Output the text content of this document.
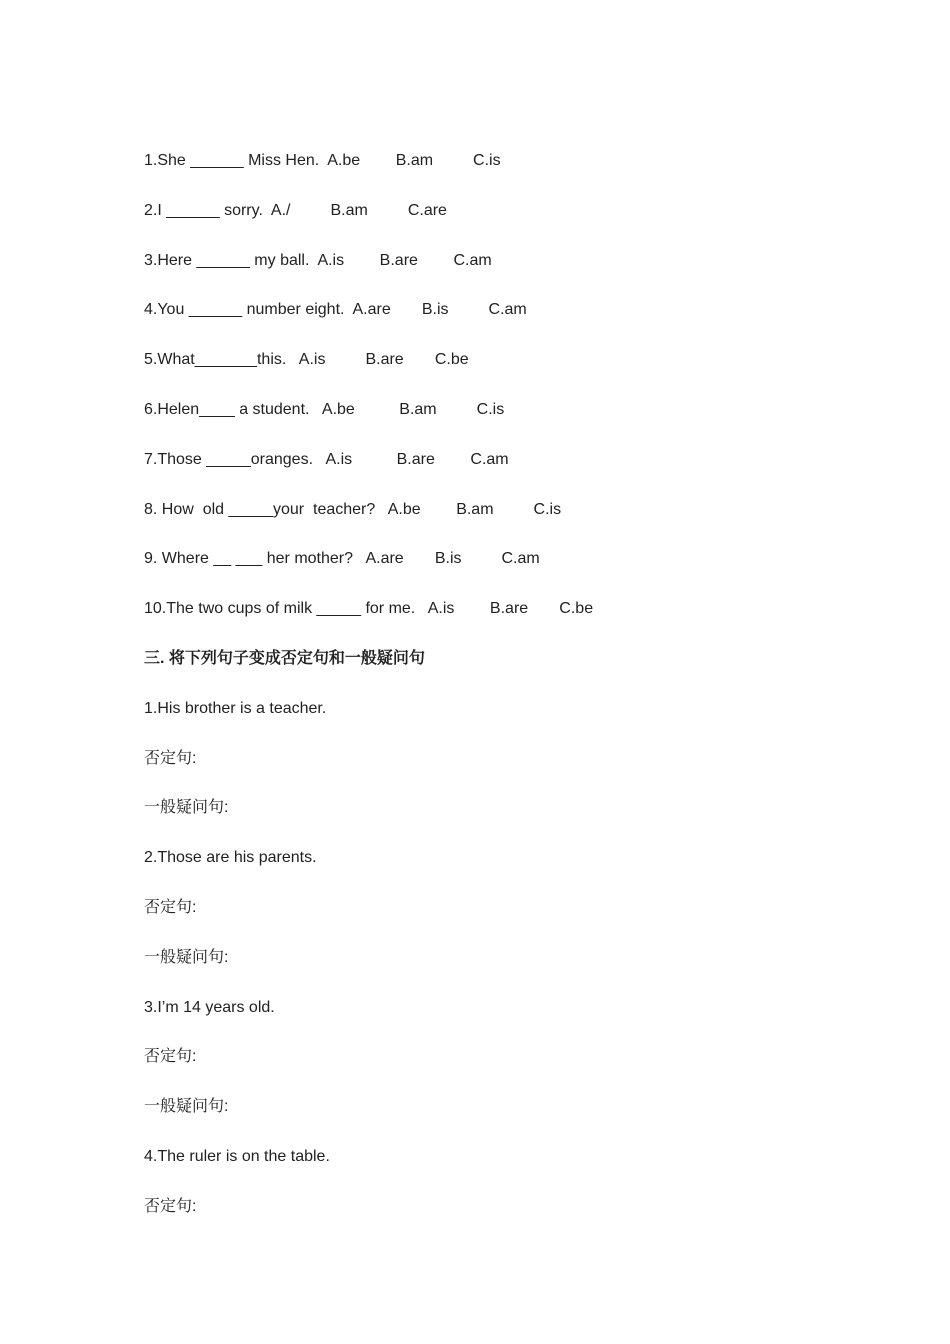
1.She ______ Miss Hen.  A.be        B.am         C.is
2.I ______ sorry.  A./         B.am         C.are
3.Here ______ my ball.  A.is        B.are        C.am
4.You ______ number eight.  A.are       B.is         C.am
5.What_______this.   A.is         B.are       C.be
6.Helen____ a student.   A.be          B.am         C.is
7.Those _____oranges.   A.is          B.are        C.am
8. How  old _____your  teacher?   A.be        B.am         C.is
9. Where __ ___ her mother?   A.are       B.is         C.am
10.The two cups of milk _____ for me.   A.is        B.are       C.be
三. 将下列句子变成否定句和一般疑问句
1.His brother is a teacher.
否定句:
一般疑问句:
2.Those are his parents.
否定句:
一般疑问句:
3.I’m 14 years old.
否定句:
一般疑问句:
4.The ruler is on the table.
否定句:
